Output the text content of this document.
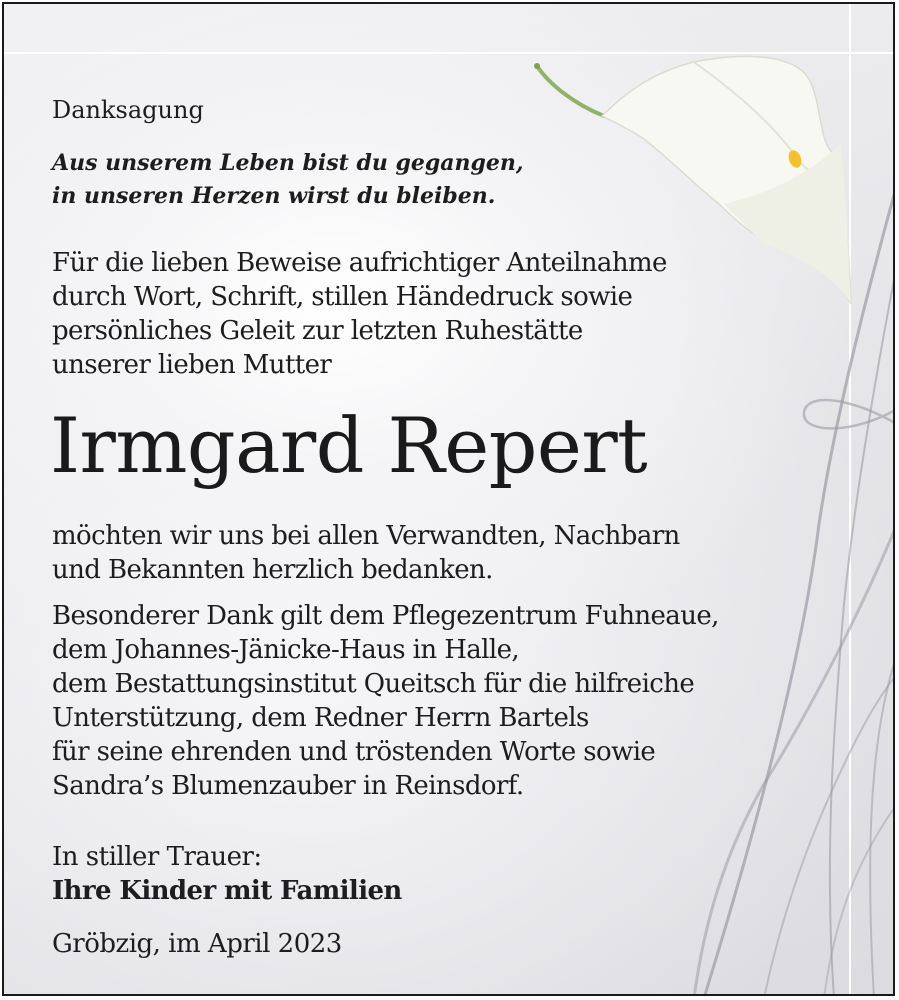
Danksagung
Aus unserem Leben bist du gegangen,
in unseren Herzen wirst du bleiben.
Für die lieben Beweise aufrichtiger Anteilnahme
durch Wort, Schrift, stillen Händedruck sowie
persönliches Geleit zur letzten Ruhestätte
unserer lieben Mutter
Irmgard Repert
möchten wir uns bei allen Verwandten, Nachbarn
und Bekannten herzlich bedanken.
Besonderer Dank gilt dem Pflegezentrum Fuhneaue,
dem Johannes-Jänicke-Haus in Halle,
dem Bestattungsinstitut Queitsch für die hilfreiche
Unterstützung, dem Redner Herrn Bartels
für seine ehrenden und tröstenden Worte sowie
Sandra’s Blumenzauber in Reinsdorf.
In stiller Trauer:
Ihre Kinder mit Familien
Gröbzig, im April 2023
